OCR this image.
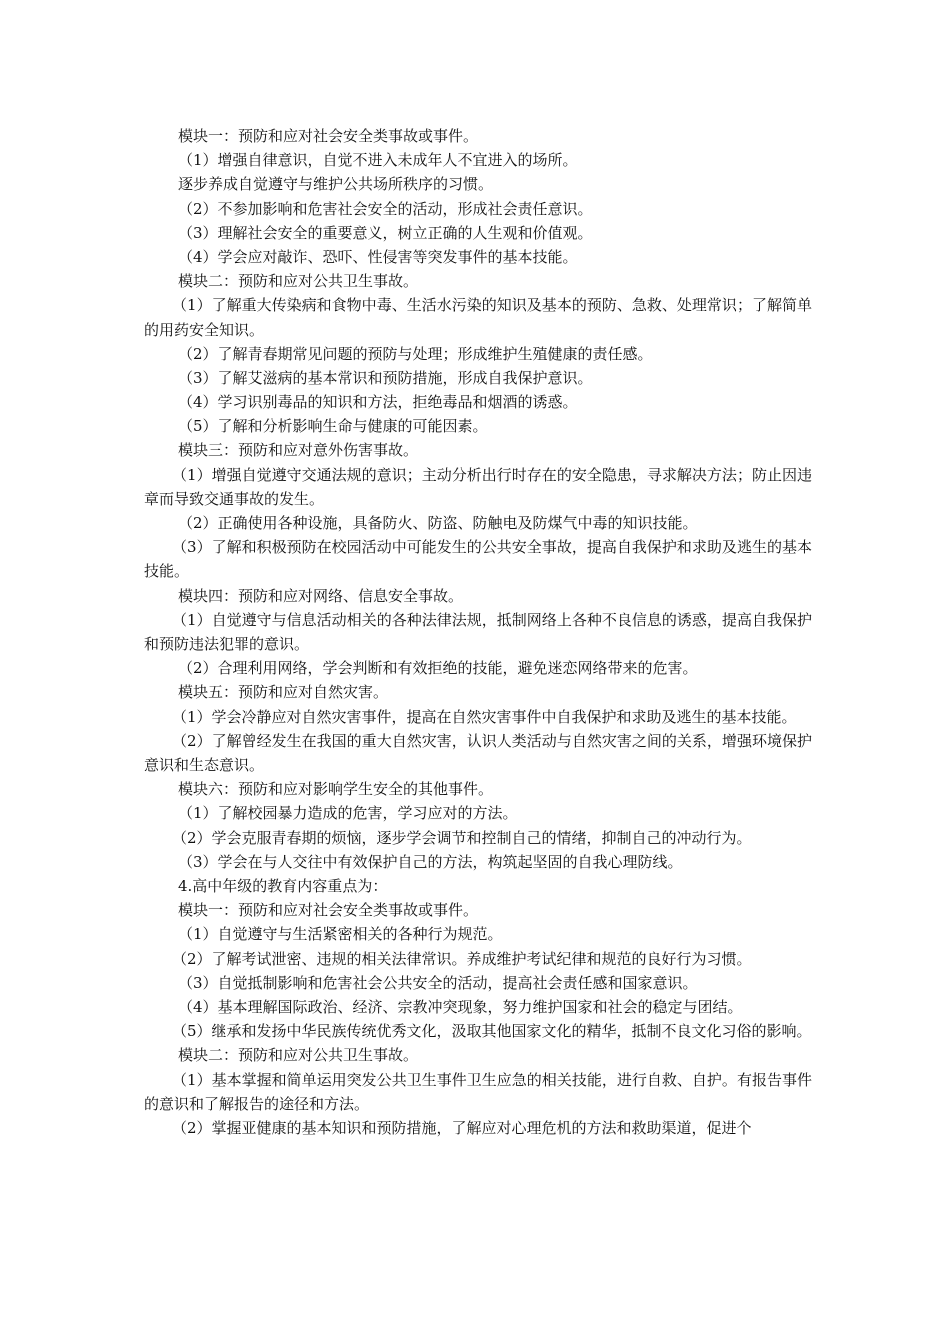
模块一：预防和应对社会安全类事故或事件。
（1）增强自律意识，自觉不进入未成年人不宜进入的场所。
逐步养成自觉遵守与维护公共场所秩序的习惯。
（2）不参加影响和危害社会安全的活动，形成社会责任意识。
（3）理解社会安全的重要意义，树立正确的人生观和价值观。
（4）学会应对敲诈、恐吓、性侵害等突发事件的基本技能。
模块二：预防和应对公共卫生事故。
（1）了解重大传染病和食物中毒、生活水污染的知识及基本的预防、急救、处理常识；了解简单的用药安全知识。
（2）了解青春期常见问题的预防与处理；形成维护生殖健康的责任感。
（3）了解艾滋病的基本常识和预防措施，形成自我保护意识。
（4）学习识别毒品的知识和方法，拒绝毒品和烟酒的诱惑。
（5）了解和分析影响生命与健康的可能因素。
模块三：预防和应对意外伤害事故。
（1）增强自觉遵守交通法规的意识；主动分析出行时存在的安全隐患，寻求解决方法；防止因违章而导致交通事故的发生。
（2）正确使用各种设施，具备防火、防盗、防触电及防煤气中毒的知识技能。
（3）了解和积极预防在校园活动中可能发生的公共安全事故，提高自我保护和求助及逃生的基本技能。
模块四：预防和应对网络、信息安全事故。
（1）自觉遵守与信息活动相关的各种法律法规，抵制网络上各种不良信息的诱惑，提高自我保护和预防违法犯罪的意识。
（2）合理利用网络，学会判断和有效拒绝的技能，避免迷恋网络带来的危害。
模块五：预防和应对自然灾害。
（1）学会冷静应对自然灾害事件，提高在自然灾害事件中自我保护和求助及逃生的基本技能。
（2）了解曾经发生在我国的重大自然灾害，认识人类活动与自然灾害之间的关系，增强环境保护意识和生态意识。
模块六：预防和应对影响学生安全的其他事件。
（1）了解校园暴力造成的危害，学习应对的方法。
（2）学会克服青春期的烦恼，逐步学会调节和控制自己的情绪，抑制自己的冲动行为。
（3）学会在与人交往中有效保护自己的方法，构筑起坚固的自我心理防线。
4.高中年级的教育内容重点为：
模块一：预防和应对社会安全类事故或事件。
（1）自觉遵守与生活紧密相关的各种行为规范。
（2）了解考试泄密、违规的相关法律常识。养成维护考试纪律和规范的良好行为习惯。
（3）自觉抵制影响和危害社会公共安全的活动，提高社会责任感和国家意识。
（4）基本理解国际政治、经济、宗教冲突现象，努力维护国家和社会的稳定与团结。
（5）继承和发扬中华民族传统优秀文化，汲取其他国家文化的精华，抵制不良文化习俗的影响。
模块二：预防和应对公共卫生事故。
（1）基本掌握和简单运用突发公共卫生事件卫生应急的相关技能，进行自救、自护。有报告事件的意识和了解报告的途径和方法。
（2）掌握亚健康的基本知识和预防措施，了解应对心理危机的方法和救助渠道，促进个
